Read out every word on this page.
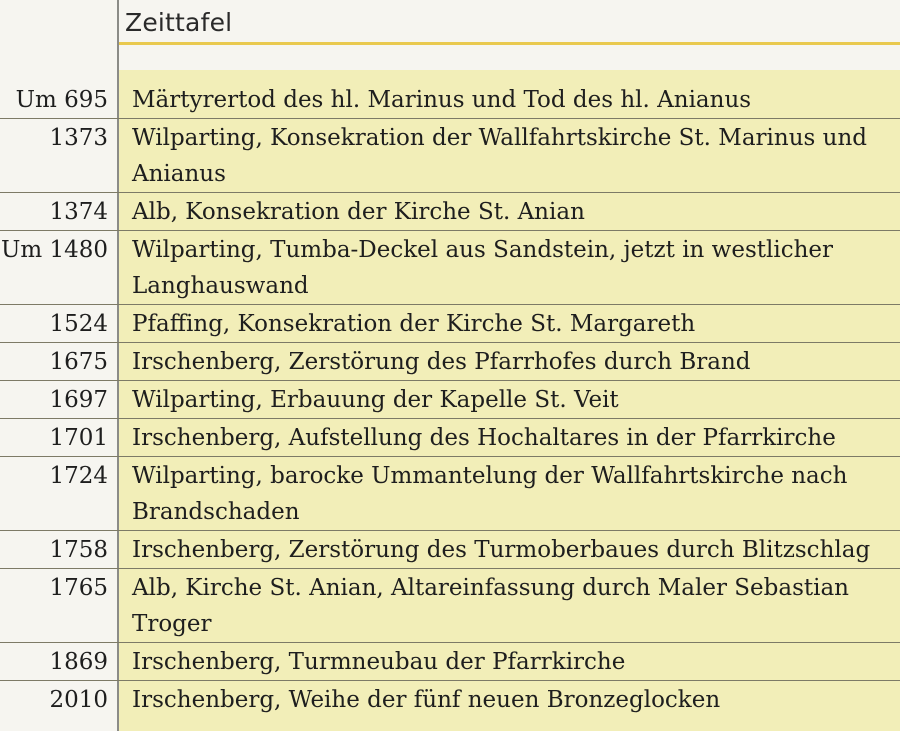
Zeittafel
Um 695 Märtyrertod des hl. Marinus und Tod des hl. Anianus
1373 Wilparting, Konsekration der Wallfahrtskirche St. Marinus und Anianus
1374 Alb, Konsekration der Kirche St. Anian
Um 1480 Wilparting, Tumba-Deckel aus Sandstein, jetzt in westlicher Langhauswand
1524 Pfaffing, Konsekration der Kirche St. Margareth
1675 Irschenberg, Zerstörung des Pfarrhofes durch Brand
1697 Wilparting, Erbauung der Kapelle St. Veit
1701 Irschenberg, Aufstellung des Hochaltares in der Pfarrkirche
1724 Wilparting, barocke Ummantelung der Wallfahrtskirche nach Brandschaden
1758 Irschenberg, Zerstörung des Turmoberbaues durch Blitzschlag
1765 Alb, Kirche St. Anian, Altareinfassung durch Maler Sebastian Troger
1869 Irschenberg, Turmneubau der Pfarrkirche
2010 Irschenberg, Weihe der fünf neuen Bronzeglocken
